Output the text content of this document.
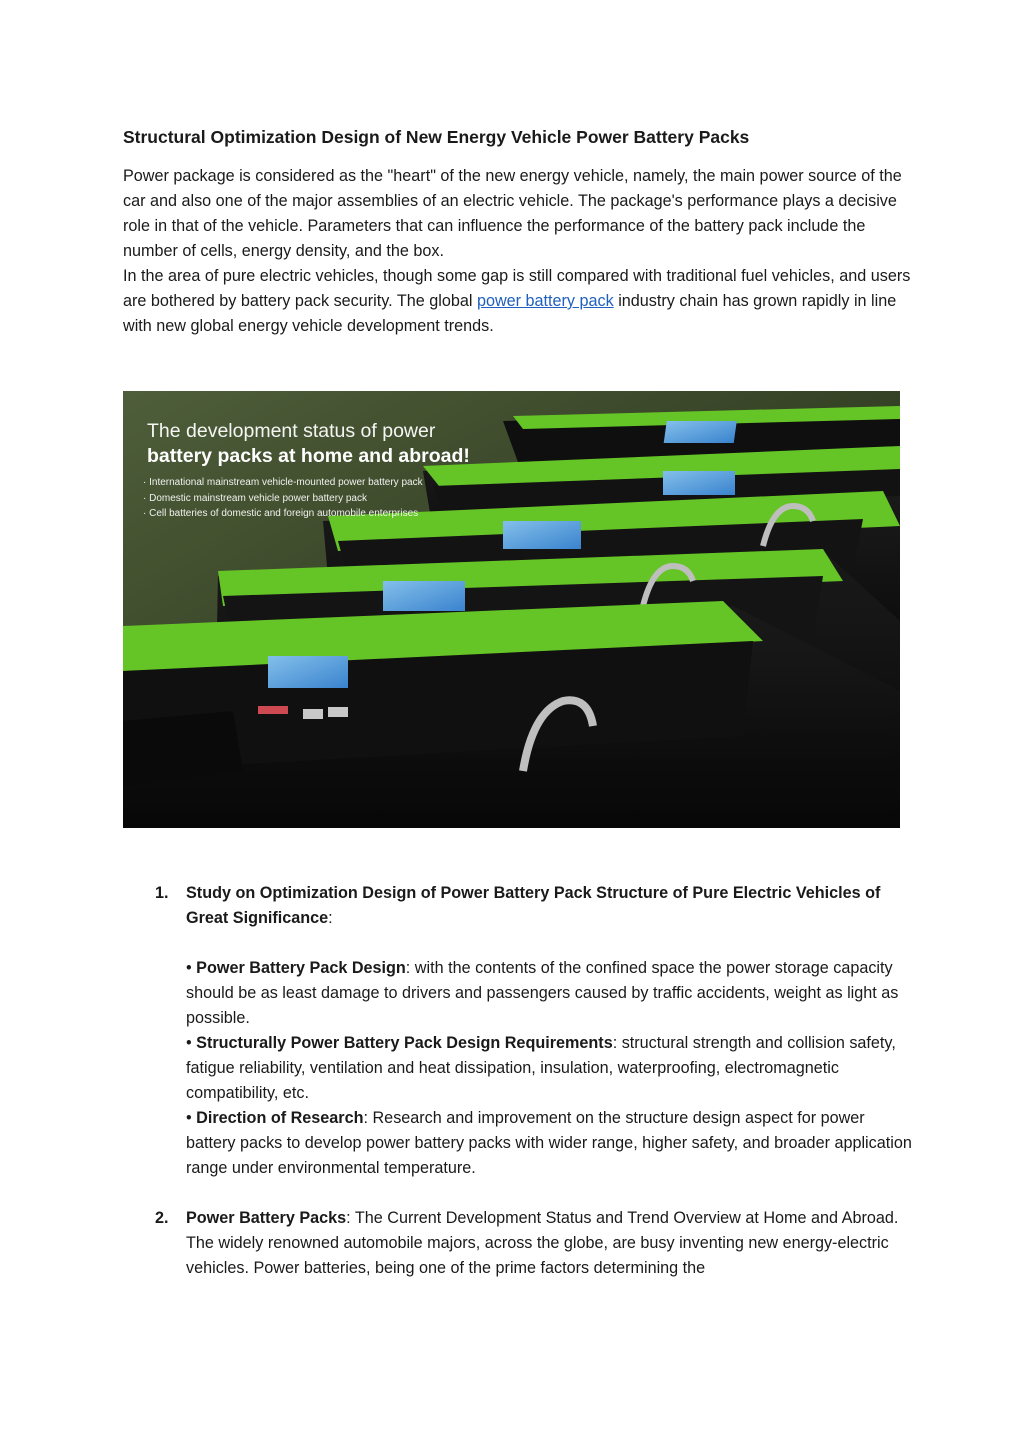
Structural Optimization Design of New Energy Vehicle Power Battery Packs

Power package is considered as the "heart" of the new energy vehicle, namely, the main power source of the car and also one of the major assemblies of an electric vehicle. The package's performance plays a decisive role in that of the vehicle. Parameters that can influence the performance of the battery pack include the number of cells, energy density, and the box.

In the area of pure electric vehicles, though some gap is still compared with traditional fuel vehicles, and users are bothered by battery pack security. The global power battery pack industry chain has grown rapidly in line with new global energy vehicle development trends.

The development status of power
battery packs at home and abroad!
· International mainstream vehicle-mounted power battery pack
· Domestic mainstream vehicle power battery pack
· Cell batteries of domestic and foreign automobile enterprises
1. Study on Optimization Design of Power Battery Pack Structure of Pure Electric Vehicles of Great Significance:
• Power Battery Pack Design: with the contents of the confined space the power storage capacity should be as least damage to drivers and passengers caused by traffic accidents, weight as light as possible.
• Structurally Power Battery Pack Design Requirements: structural strength and collision safety, fatigue reliability, ventilation and heat dissipation, insulation, waterproofing, electromagnetic compatibility, etc.
• Direction of Research: Research and improvement on the structure design aspect for power battery packs to develop power battery packs with wider range, higher safety, and broader application range under environmental temperature.
2. Power Battery Packs: The Current Development Status and Trend Overview at Home and Abroad. The widely renowned automobile majors, across the globe, are busy inventing new energy-electric vehicles. Power batteries, being one of the prime factors determining the
